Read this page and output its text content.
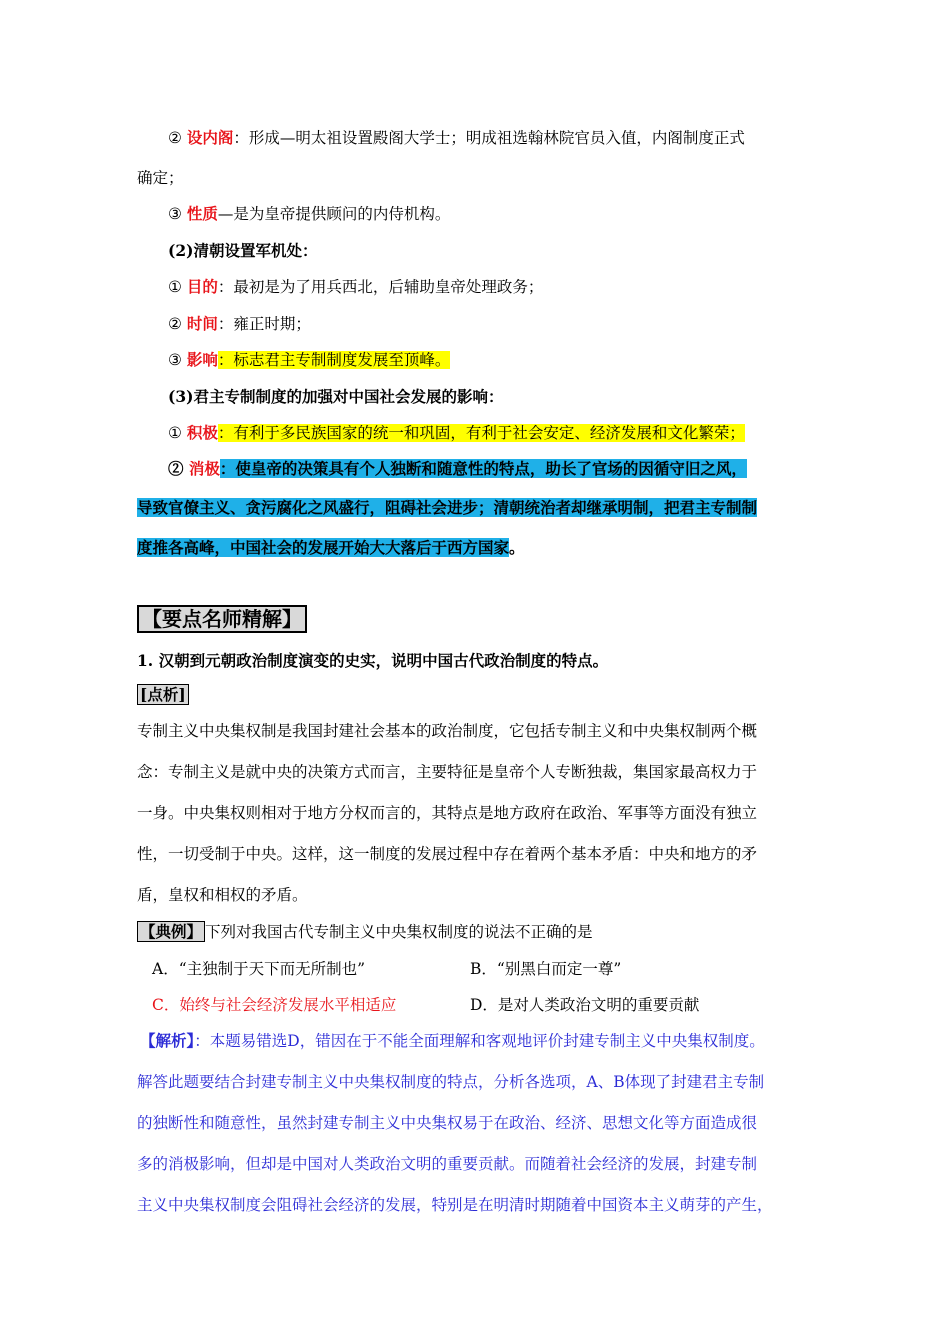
② 设内阁：形成—明太祖设置殿阁大学士；明成祖选翰林院官员入值，内阁制度正式
确定；
③ 性质—是为皇帝提供顾问的内侍机构。
(2)清朝设置军机处：
① 目的：最初是为了用兵西北，后辅助皇帝处理政务；
② 时间：雍正时期；
③ 影响：标志君主专制制度发展至顶峰。
(3)君主专制制度的加强对中国社会发展的影响：
① 积极：有利于多民族国家的统一和巩固，有利于社会安定、经济发展和文化繁荣；
② 消极：使皇帝的决策具有个人独断和随意性的特点，助长了官场的因循守旧之风，
导致官僚主义、贪污腐化之风盛行，阻碍社会进步；清朝统治者却继承明制，把君主专制制
度推各高峰，中国社会的发展开始大大落后于西方国家。
【要点名师精解】
1. 汉朝到元朝政治制度演变的史实，说明中国古代政治制度的特点。
[点析]
专制主义中央集权制是我国封建社会基本的政治制度，它包括专制主义和中央集权制两个概
念：专制主义是就中央的决策方式而言，主要特征是皇帝个人专断独裁，集国家最高权力于
一身。中央集权则相对于地方分权而言的，其特点是地方政府在政治、军事等方面没有独立
性，一切受制于中央。这样，这一制度的发展过程中存在着两个基本矛盾：中央和地方的矛
盾，皇权和相权的矛盾。
【典例】 下列对我国古代专制主义中央集权制度的说法不正确的是
A．“主独制于天下而无所制也”	B．“别黑白而定一尊”
C．始终与社会经济发展水平相适应	D．是对人类政治文明的重要贡献
【解析】：本题易错选D，错因在于不能全面理解和客观地评价封建专制主义中央集权制度。
解答此题要结合封建专制主义中央集权制度的特点，分析各选项，A、B体现了封建君主专制
的独断性和随意性，虽然封建专制主义中央集权易于在政治、经济、思想文化等方面造成很
多的消极影响，但却是中国对人类政治文明的重要贡献。而随着社会经济的发展，封建专制
主义中央集权制度会阻碍社会经济的发展，特别是在明清时期随着中国资本主义萌芽的产生，
